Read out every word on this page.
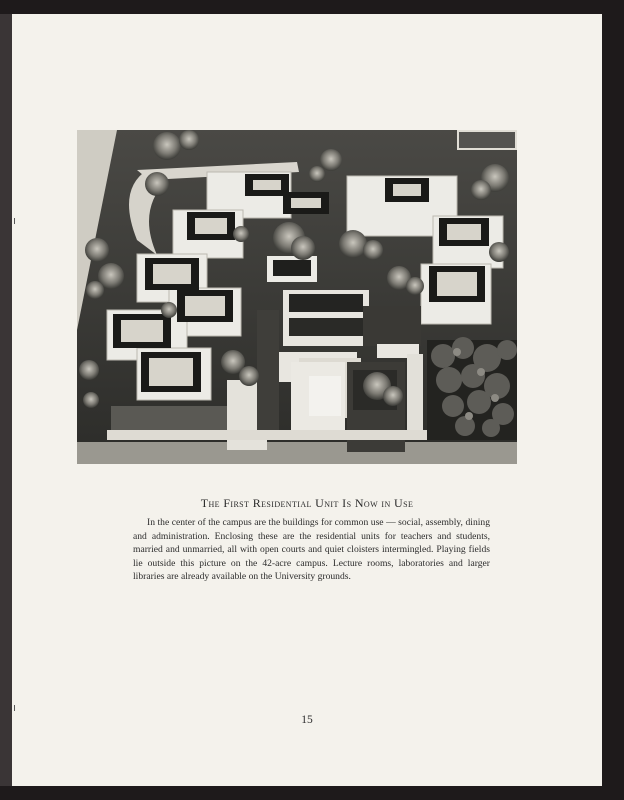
The First Residential Unit Is Now in Use

In the center of the campus are the buildings for common use — social, assembly, dining and administration. Enclosing these are the residential units for teachers and students, married and unmarried, all with open courts and quiet cloisters intermingled. Playing fields lie outside this picture on the 42-acre campus. Lecture rooms, laboratories and larger libraries are already available on the University grounds.

15
